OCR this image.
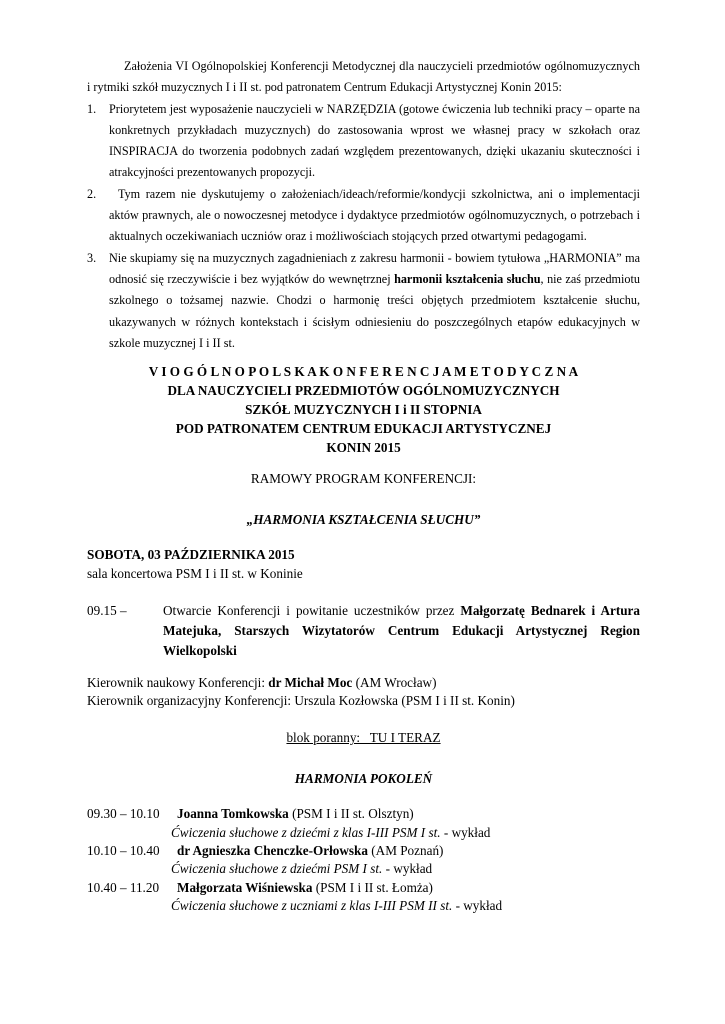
Założenia VI Ogólnopolskiej Konferencji Metodycznej dla nauczycieli przedmiotów ogólnomuzycznych i rytmiki szkół muzycznych I i II st. pod patronatem Centrum Edukacji Artystycznej Konin 2015:

1. Priorytetem jest wyposażenie nauczycieli w NARZĘDZIA (gotowe ćwiczenia lub techniki pracy – oparte na konkretnych przykładach muzycznych) do zastosowania wprost we własnej pracy w szkołach oraz INSPIRACJA do tworzenia podobnych zadań względem prezentowanych, dzięki ukazaniu skuteczności i atrakcyjności prezentowanych propozycji.
2. Tym razem nie dyskutujemy o założeniach/ideach/reformie/kondycji szkolnictwa, ani o implementacji aktów prawnych, ale o nowoczesnej metodyce i dydaktyce przedmiotów ogólnomuzycznych, o potrzebach i aktualnych oczekiwaniach uczniów oraz i możliwościach stojących przed otwartymi pedagogami.
3. Nie skupiamy się na muzycznych zagadnieniach z zakresu harmonii - bowiem tytułowa „HARMONIA” ma odnosić się rzeczywiście i bez wyjątków do wewnętrznej harmonii kształcenia słuchu, nie zaś przedmiotu szkolnego o tożsamej nazwie. Chodzi o harmonię treści objętych przedmiotem kształcenie słuchu, ukazywanych w różnych kontekstach i ścisłym odniesieniu do poszczególnych etapów edukacyjnych w szkole muzycznej I i II st.
V I O G Ó L N O P O L S K A K O N F E R E N C J A M E T O D Y C Z N A
DLA NAUCZYCIELI PRZEDMIOTÓW OGÓLNOMUZYCZNYCH
SZKÓŁ MUZYCZNYCH I i II STOPNIA
POD PATRONATEM CENTRUM EDUKACJI ARTYSTYCZNEJ
KONIN 2015
RAMOWY PROGRAM KONFERENCJI:
„HARMONIA KSZTAŁCENIA SŁUCHU”
SOBOTA, 03 PAŹDZIERNIKA 2015
sala koncertowa PSM I i II st. w Koninie
09.15 –	Otwarcie Konferencji i powitanie uczestników przez Małgorzatę Bednarek i Artura Matejuka, Starszych Wizytatorów Centrum Edukacji Artystycznej Region Wielkopolski
Kierownik naukowy Konferencji: dr Michał Moc (AM Wrocław)
Kierownik organizacyjny Konferencji: Urszula Kozłowska (PSM I i II st. Konin)
blok poranny:   TU I TERAZ
HARMONIA POKOLEŃ
09.30 – 10.10 Joanna Tomkowska (PSM I i II st. Olsztyn)
Ćwiczenia słuchowe z dziećmi z klas I-III PSM I st. - wykład
10.10 – 10.40 dr Agnieszka Chenczke-Orłowska (AM Poznań)
Ćwiczenia słuchowe z dziećmi PSM I st. - wykład
10.40 – 11.20 Małgorzata Wiśniewska (PSM I i II st. Łomża)
Ćwiczenia słuchowe z uczniami z klas I-III PSM II st. - wykład
